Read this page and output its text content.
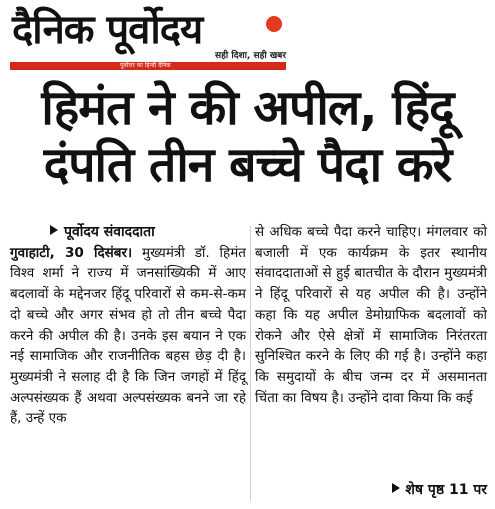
दैनिक पूर्वोदय
सही दिशा, सही खबर
पूर्वोत्तर का हिन्दी दैनिक
हिमंत ने की अपील, हिंदू
दंपति तीन बच्चे पैदा करे
पूर्वोदय संवाददाता
गुवाहाटी, 30 दिसंबर। मुख्यमंत्री डॉ. हिमंत विश्व शर्मा ने राज्य में जनसांख्यिकी में आए बदलावों के मद्देनजर हिंदू परिवारों से कम-से-कम दो बच्चे और अगर संभव हो तो तीन बच्चे पैदा करने की अपील की है। उनके इस बयान ने एक नई सामाजिक और राजनीतिक बहस छेड़ दी है। मुख्यमंत्री ने सलाह दी है कि जिन जगहों में हिंदू अल्पसंख्यक हैं अथवा अल्पसंख्यक बनने जा रहे हैं, उन्हें एक
से अधिक बच्चे पैदा करने चाहिए। मंगलवार को बजाली में एक कार्यक्रम के इतर स्थानीय संवाददाताओं से हुई बातचीत के दौरान मुख्यमंत्री ने हिंदू परिवारों से यह अपील की है। उन्होंने कहा कि यह अपील डेमोग्राफिक बदलावों को रोकने और ऐसे क्षेत्रों में सामाजिक निरंतरता सुनिश्चित करने के लिए की गई है। उन्होंने कहा कि समुदायों के बीच जन्म दर में असमानता चिंता का विषय है। उन्होंने दावा किया कि कई
शेष पृष्ठ 11 पर
